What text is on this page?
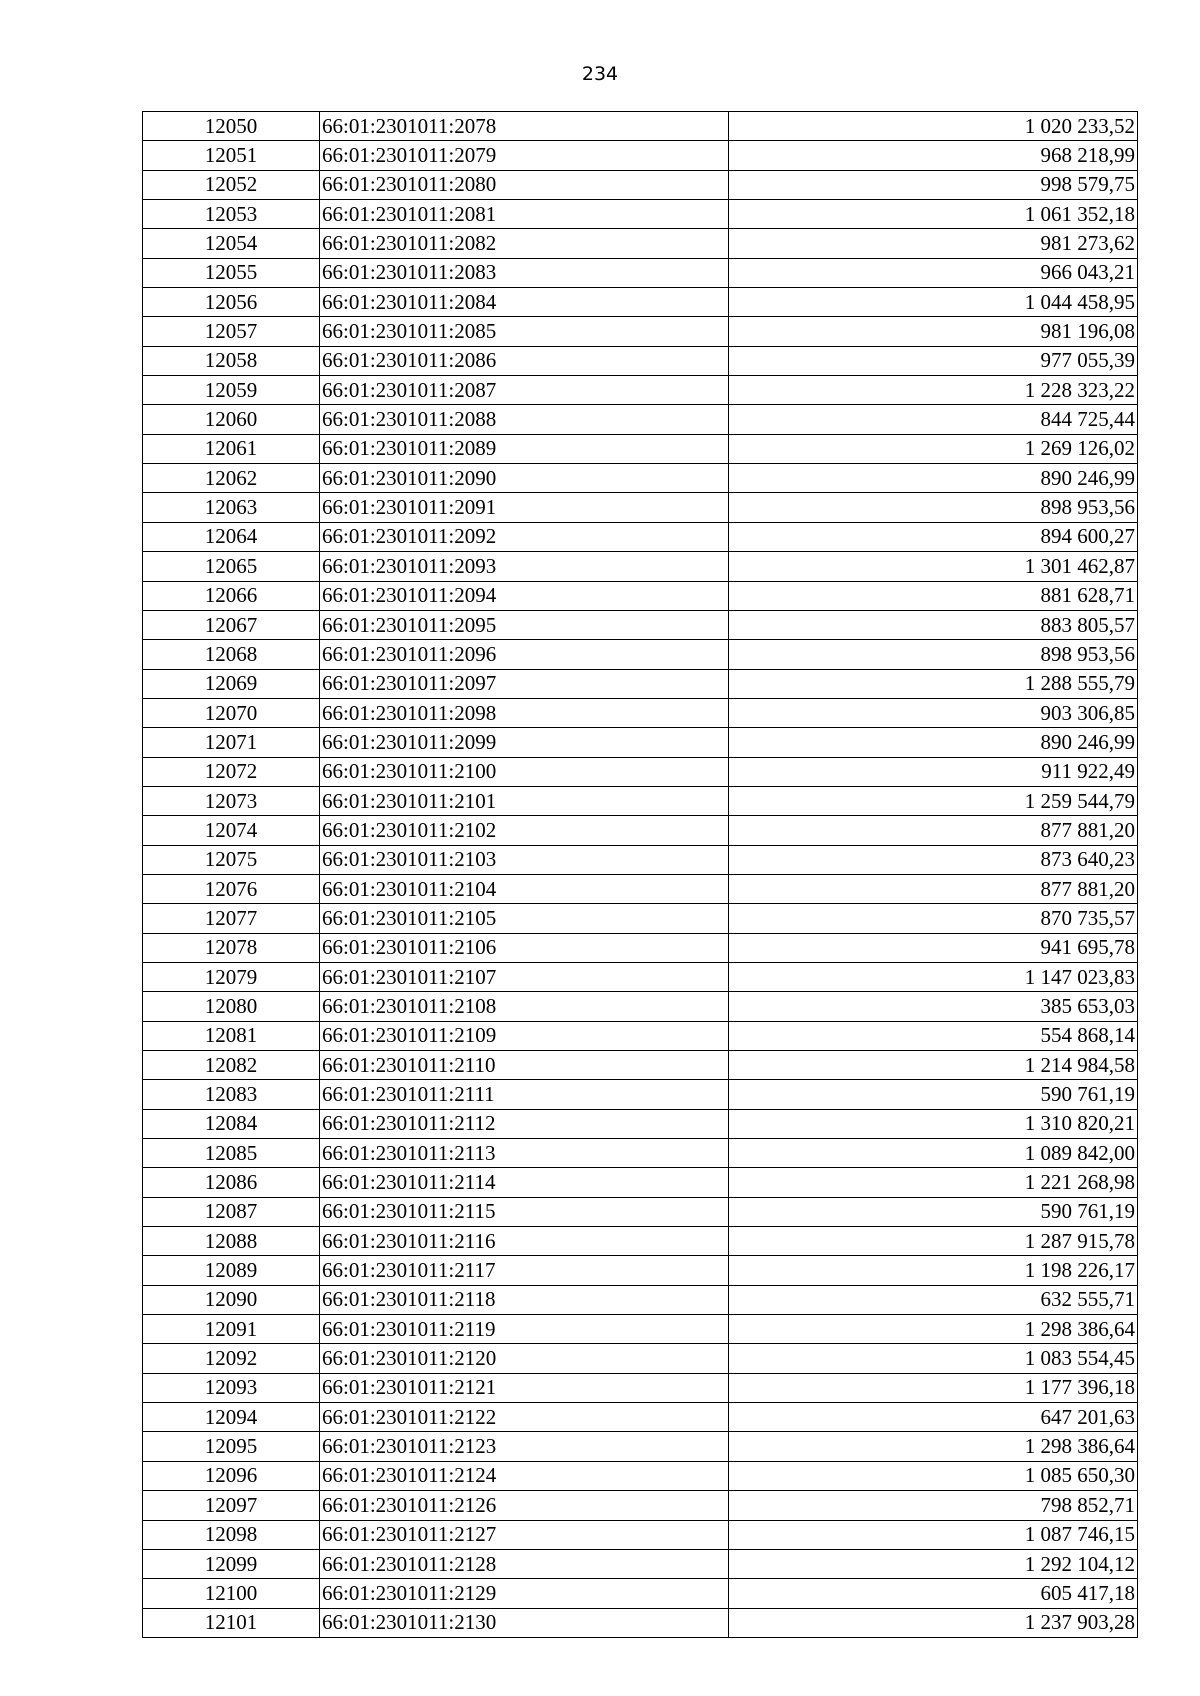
234
12050	66:01:2301011:2078	1 020 233,52
12051	66:01:2301011:2079	968 218,99
12052	66:01:2301011:2080	998 579,75
12053	66:01:2301011:2081	1 061 352,18
12054	66:01:2301011:2082	981 273,62
12055	66:01:2301011:2083	966 043,21
12056	66:01:2301011:2084	1 044 458,95
12057	66:01:2301011:2085	981 196,08
12058	66:01:2301011:2086	977 055,39
12059	66:01:2301011:2087	1 228 323,22
12060	66:01:2301011:2088	844 725,44
12061	66:01:2301011:2089	1 269 126,02
12062	66:01:2301011:2090	890 246,99
12063	66:01:2301011:2091	898 953,56
12064	66:01:2301011:2092	894 600,27
12065	66:01:2301011:2093	1 301 462,87
12066	66:01:2301011:2094	881 628,71
12067	66:01:2301011:2095	883 805,57
12068	66:01:2301011:2096	898 953,56
12069	66:01:2301011:2097	1 288 555,79
12070	66:01:2301011:2098	903 306,85
12071	66:01:2301011:2099	890 246,99
12072	66:01:2301011:2100	911 922,49
12073	66:01:2301011:2101	1 259 544,79
12074	66:01:2301011:2102	877 881,20
12075	66:01:2301011:2103	873 640,23
12076	66:01:2301011:2104	877 881,20
12077	66:01:2301011:2105	870 735,57
12078	66:01:2301011:2106	941 695,78
12079	66:01:2301011:2107	1 147 023,83
12080	66:01:2301011:2108	385 653,03
12081	66:01:2301011:2109	554 868,14
12082	66:01:2301011:2110	1 214 984,58
12083	66:01:2301011:2111	590 761,19
12084	66:01:2301011:2112	1 310 820,21
12085	66:01:2301011:2113	1 089 842,00
12086	66:01:2301011:2114	1 221 268,98
12087	66:01:2301011:2115	590 761,19
12088	66:01:2301011:2116	1 287 915,78
12089	66:01:2301011:2117	1 198 226,17
12090	66:01:2301011:2118	632 555,71
12091	66:01:2301011:2119	1 298 386,64
12092	66:01:2301011:2120	1 083 554,45
12093	66:01:2301011:2121	1 177 396,18
12094	66:01:2301011:2122	647 201,63
12095	66:01:2301011:2123	1 298 386,64
12096	66:01:2301011:2124	1 085 650,30
12097	66:01:2301011:2126	798 852,71
12098	66:01:2301011:2127	1 087 746,15
12099	66:01:2301011:2128	1 292 104,12
12100	66:01:2301011:2129	605 417,18
12101	66:01:2301011:2130	1 237 903,28
